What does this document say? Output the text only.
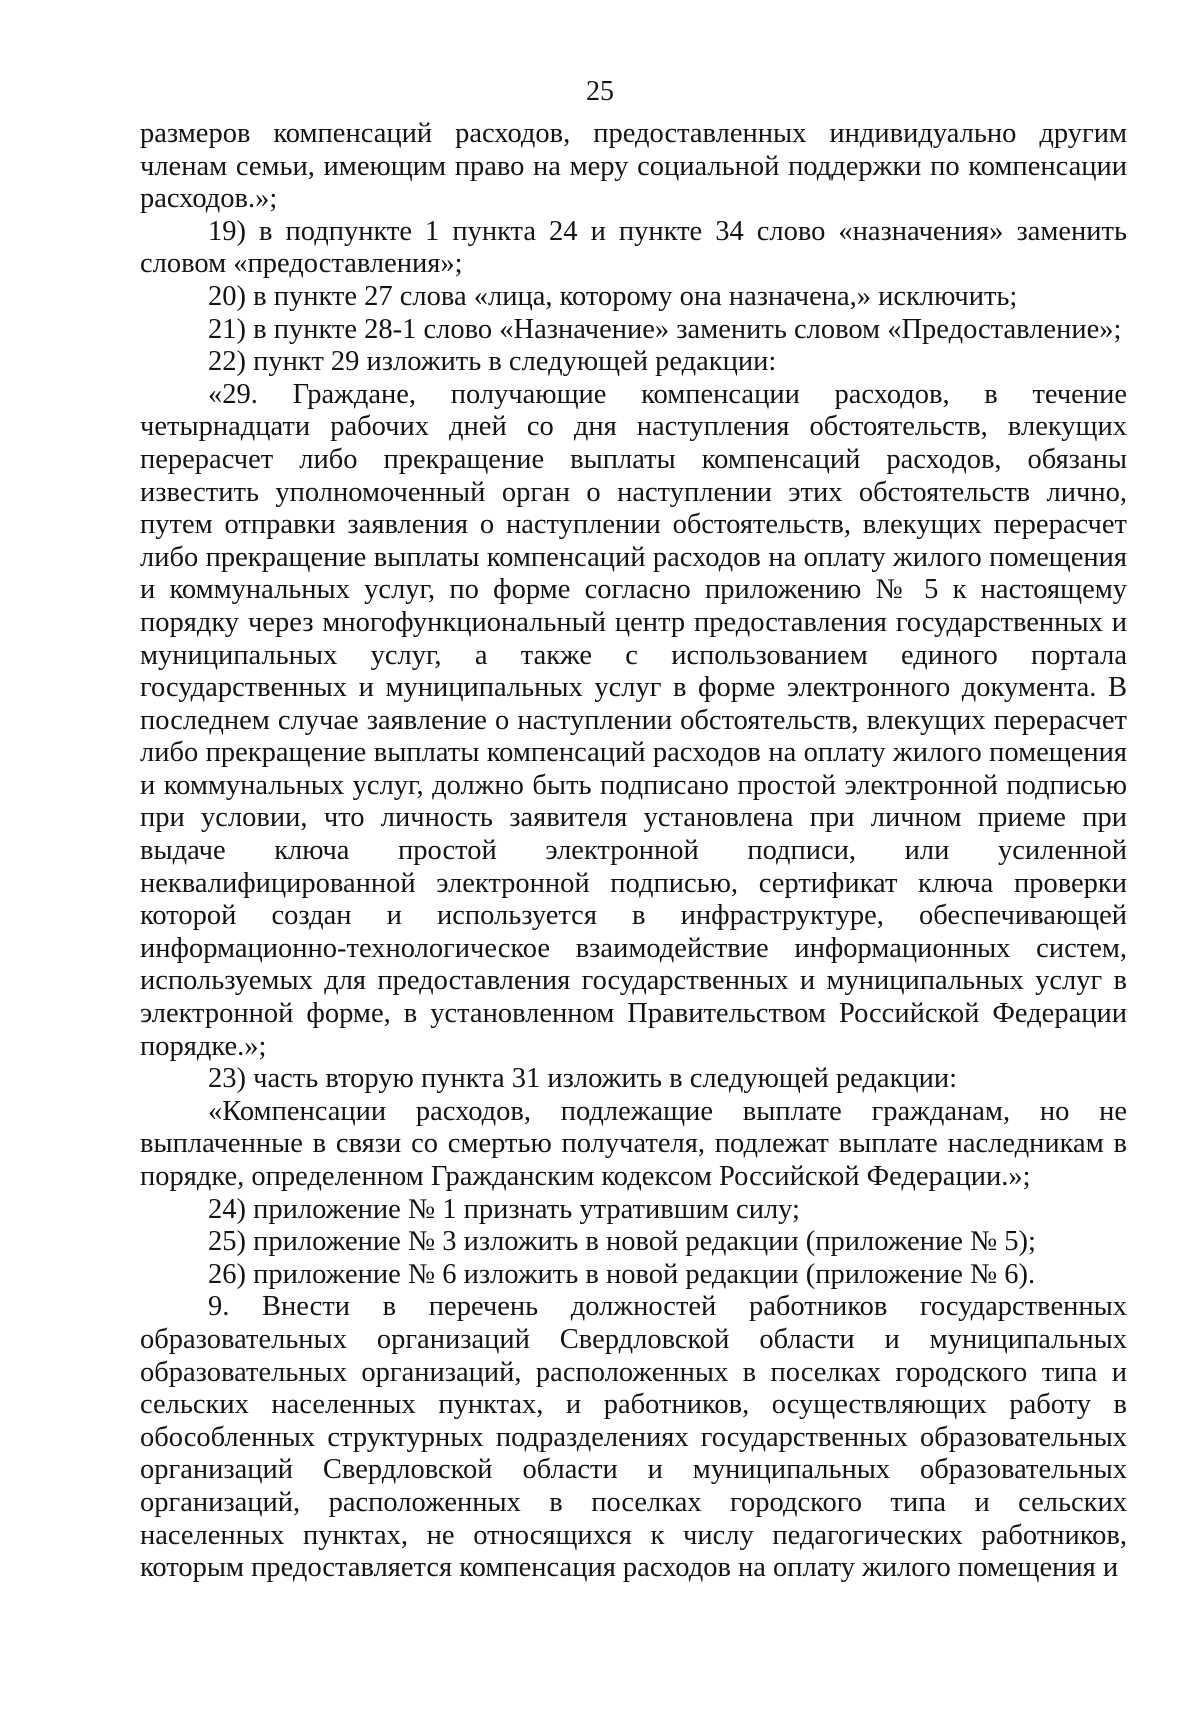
25

размеров компенсаций расходов, предоставленных индивидуально другим членам семьи, имеющим право на меру социальной поддержки по компенсации расходов.»;

19) в подпункте 1 пункта 24 и пункте 34 слово «назначения» заменить словом «предоставления»;

20) в пункте 27 слова «лица, которому она назначена,» исключить;

21) в пункте 28-1 слово «Назначение» заменить словом «Предоставление»;

22) пункт 29 изложить в следующей редакции:

«29. Граждане, получающие компенсации расходов, в течение четырнадцати рабочих дней со дня наступления обстоятельств, влекущих перерасчет либо прекращение выплаты компенсаций расходов, обязаны известить уполномоченный орган о наступлении этих обстоятельств лично, путем отправки заявления о наступлении обстоятельств, влекущих перерасчет либо прекращение выплаты компенсаций расходов на оплату жилого помещения и коммунальных услуг, по форме согласно приложению № 5 к настоящему порядку через многофункциональный центр предоставления государственных и муниципальных услуг, а также с использованием единого портала государственных и муниципальных услуг в форме электронного документа. В последнем случае заявление о наступлении обстоятельств, влекущих перерасчет либо прекращение выплаты компенсаций расходов на оплату жилого помещения и коммунальных услуг, должно быть подписано простой электронной подписью при условии, что личность заявителя установлена при личном приеме при выдаче ключа простой электронной подписи, или усиленной неквалифицированной электронной подписью, сертификат ключа проверки которой создан и используется в инфраструктуре, обеспечивающей информационно-технологическое взаимодействие информационных систем, используемых для предоставления государственных и муниципальных услуг в электронной форме, в установленном Правительством Российской Федерации порядке.»;

23) часть вторую пункта 31 изложить в следующей редакции:

«Компенсации расходов, подлежащие выплате гражданам, но не выплаченные в связи со смертью получателя, подлежат выплате наследникам в порядке, определенном Гражданским кодексом Российской Федерации.»;

24) приложение № 1 признать утратившим силу;

25) приложение № 3 изложить в новой редакции (приложение № 5);

26) приложение № 6 изложить в новой редакции (приложение № 6).

9. Внести в перечень должностей работников государственных образовательных организаций Свердловской области и муниципальных образовательных организаций, расположенных в поселках городского типа и сельских населенных пунктах, и работников, осуществляющих работу в обособленных структурных подразделениях государственных образовательных организаций Свердловской области и муниципальных образовательных организаций, расположенных в поселках городского типа и сельских населенных пунктах, не относящихся к числу педагогических работников, которым предоставляется компенсация расходов на оплату жилого помещения и
